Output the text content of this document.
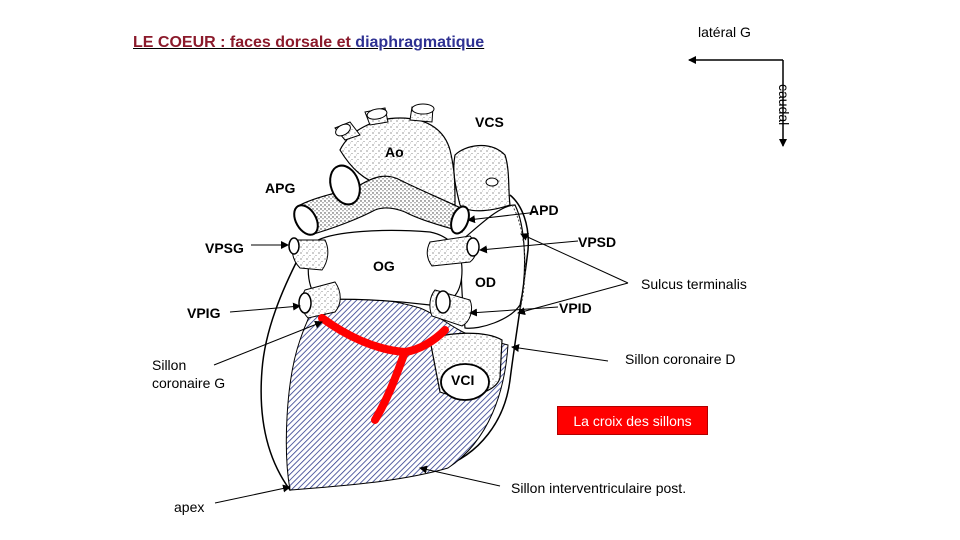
LE COEUR : faces dorsale et diaphragmatique
latéral G
caudal
Ao
VCS
APG
APD
VPSG	VPSD
OG
OD
VPIG	VPID
VCI
Sulcus terminalis
Sillon
coronaire G
Sillon coronaire D
Sillon interventriculaire post.
apex
La croix des sillons
